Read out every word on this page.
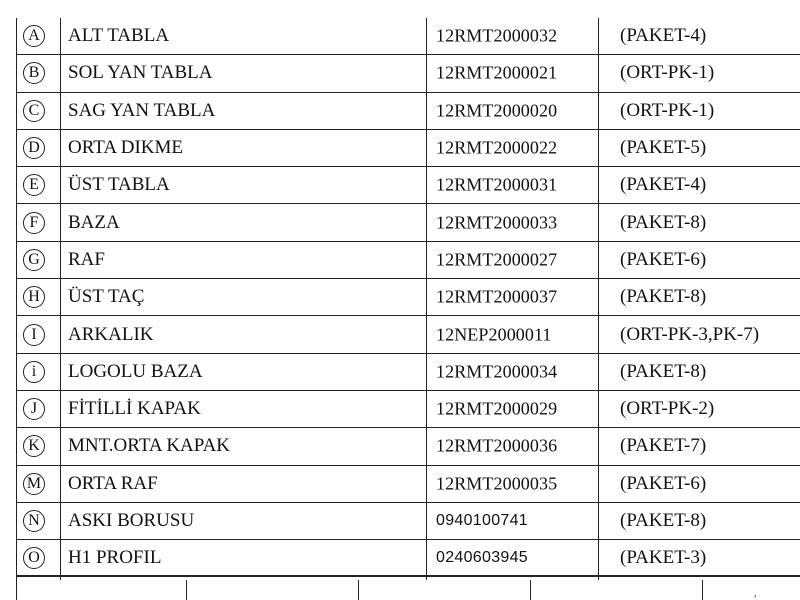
A ALT TABLA	12RMT2000032	(PAKET-4)
B SOL YAN TABLA	12RMT2000021	(ORT-PK-1)
C SAG YAN TABLA	12RMT2000020	(ORT-PK-1)
D ORTA DIKME	12RMT2000022	(PAKET-5)
E	ÜST TABLA	12RMT2000031	(PAKET-4)
F	BAZA	12RMT2000033	(PAKET-8)
G RAF	12RMT2000027	(PAKET-6)
H ÜST TAÇ	12RMT2000037	(PAKET-8)
I	ARKALIK	12NEP2000011	(ORT-PK-3,PK-7)
i	LOGOLU BAZA	12RMT2000034	(PAKET-8)
J	FİTİLLİ KAPAK	12RMT2000029	(ORT-PK-2)
K MNT.ORTA KAPAK	12RMT2000036	(PAKET-7)
M ORTA RAF	12RMT2000035	(PAKET-6)
N ASKI BORUSU	0940100741	(PAKET-8)
O H1 PROFIL	0240603945	(PAKET-3)
,
